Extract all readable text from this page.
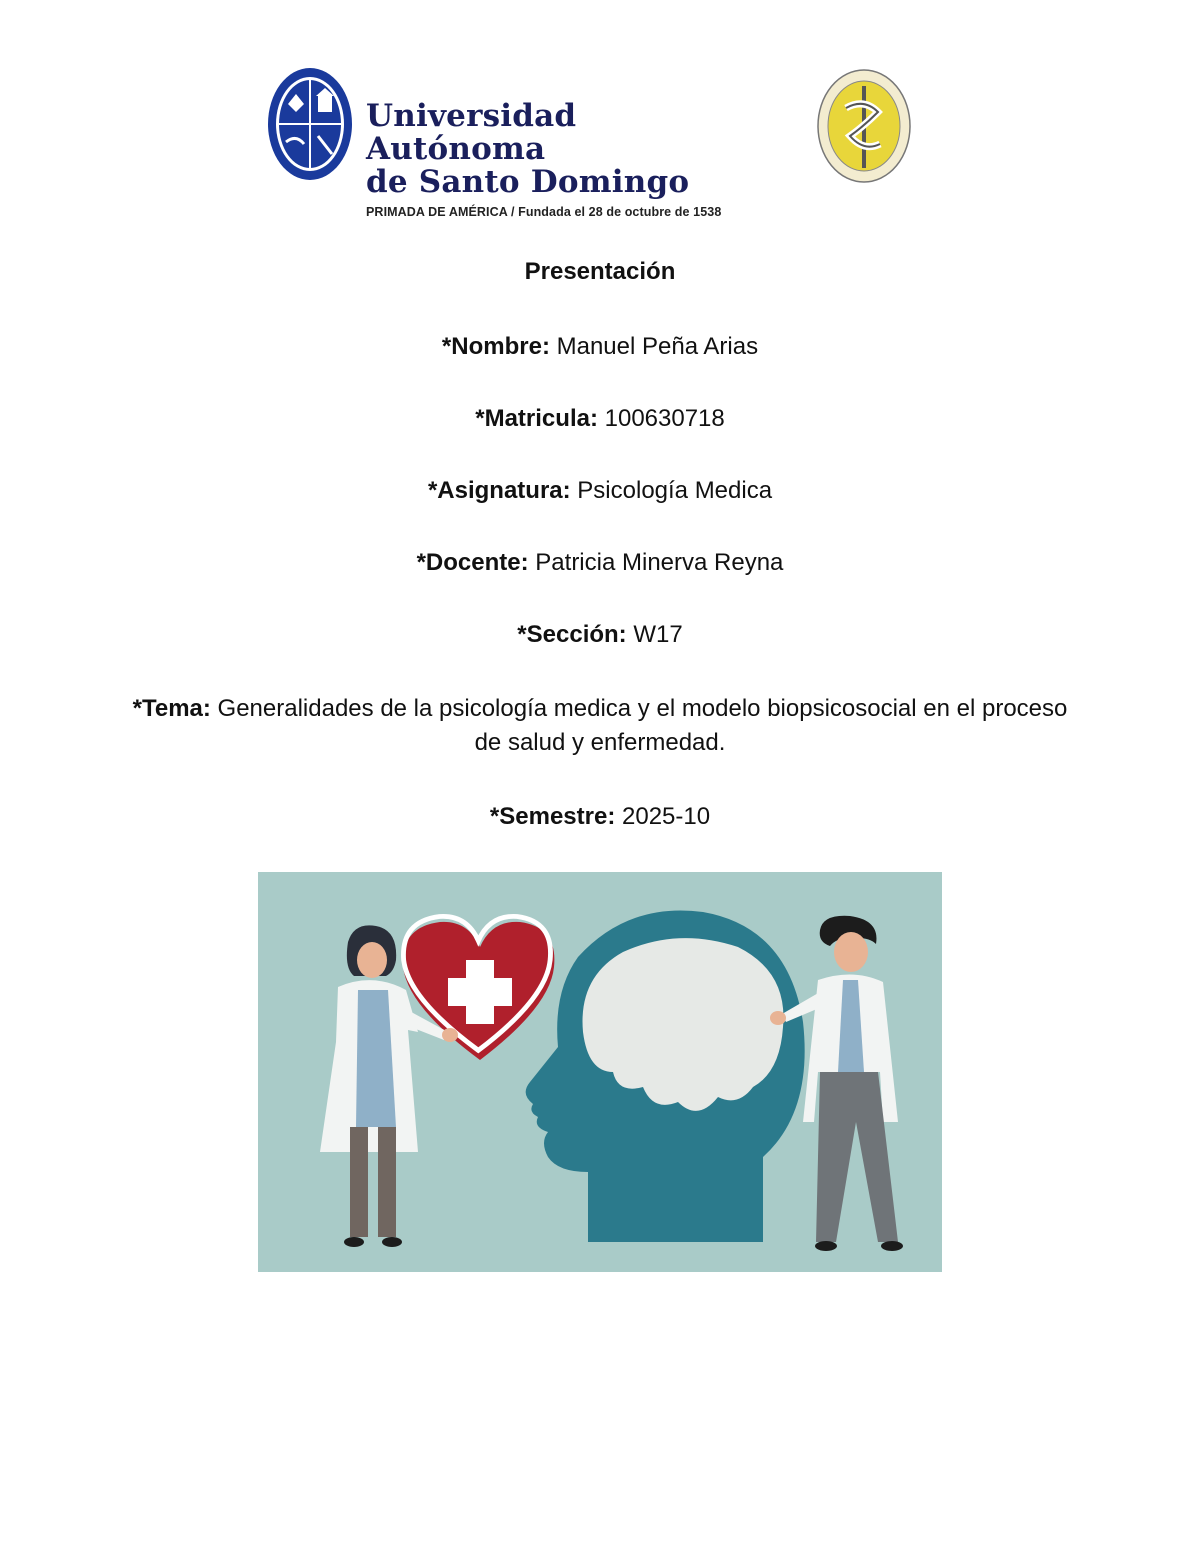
Universidad Autónoma
de Santo Domingo
PRIMADA DE AMÉRICA / Fundada el 28 de octubre de 1538
Presentación

*Nombre: Manuel Peña Arias

*Matricula: 100630718

*Asignatura: Psicología Medica

*Docente: Patricia Minerva Reyna

*Sección: W17

*Tema: Generalidades de la psicología medica y el modelo biopsicosocial en el proceso de salud y enfermedad.

*Semestre: 2025-10
